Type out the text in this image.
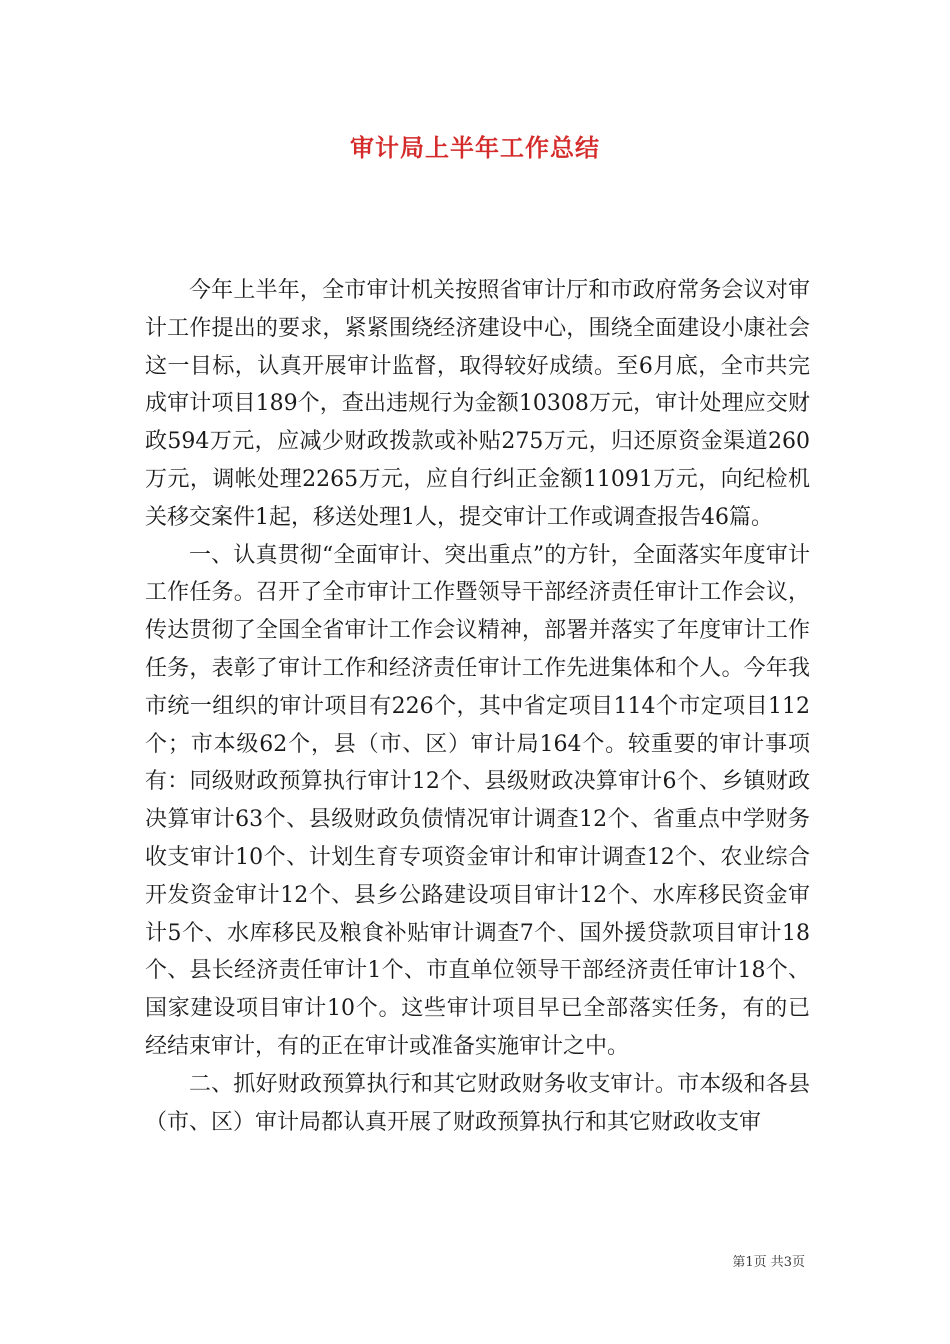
审计局上半年工作总结

今年上半年，全市审计机关按照省审计厅和市政府常务会议对审计工作提出的要求，紧紧围绕经济建设中心，围绕全面建设小康社会这一目标，认真开展审计监督，取得较好成绩。至6月底，全市共完成审计项目189个，查出违规行为金额10308万元，审计处理应交财政594万元，应减少财政拨款或补贴275万元，归还原资金渠道260万元，调帐处理2265万元，应自行纠正金额11091万元，向纪检机关移交案件1起，移送处理1人，提交审计工作或调查报告46篇。

一、认真贯彻“全面审计、突出重点”的方针，全面落实年度审计工作任务。召开了全市审计工作暨领导干部经济责任审计工作会议，传达贯彻了全国全省审计工作会议精神，部署并落实了年度审计工作任务，表彰了审计工作和经济责任审计工作先进集体和个人。今年我市统一组织的审计项目有226个，其中省定项目114个市定项目112个；市本级62个，县（市、区）审计局164个。较重要的审计事项有：同级财政预算执行审计12个、县级财政决算审计6个、乡镇财政决算审计63个、县级财政负债情况审计调查12个、省重点中学财务收支审计10个、计划生育专项资金审计和审计调查12个、农业综合开发资金审计12个、县乡公路建设项目审计12个、水库移民资金审计5个、水库移民及粮食补贴审计调查7个、国外援贷款项目审计18个、县长经济责任审计1个、市直单位领导干部经济责任审计18个、国家建设项目审计10个。这些审计项目早已全部落实任务，有的已经结束审计，有的正在审计或准备实施审计之中。

二、抓好财政预算执行和其它财政财务收支审计。市本级和各县（市、区）审计局都认真开展了财政预算执行和其它财政收支审

第1页 共3页
